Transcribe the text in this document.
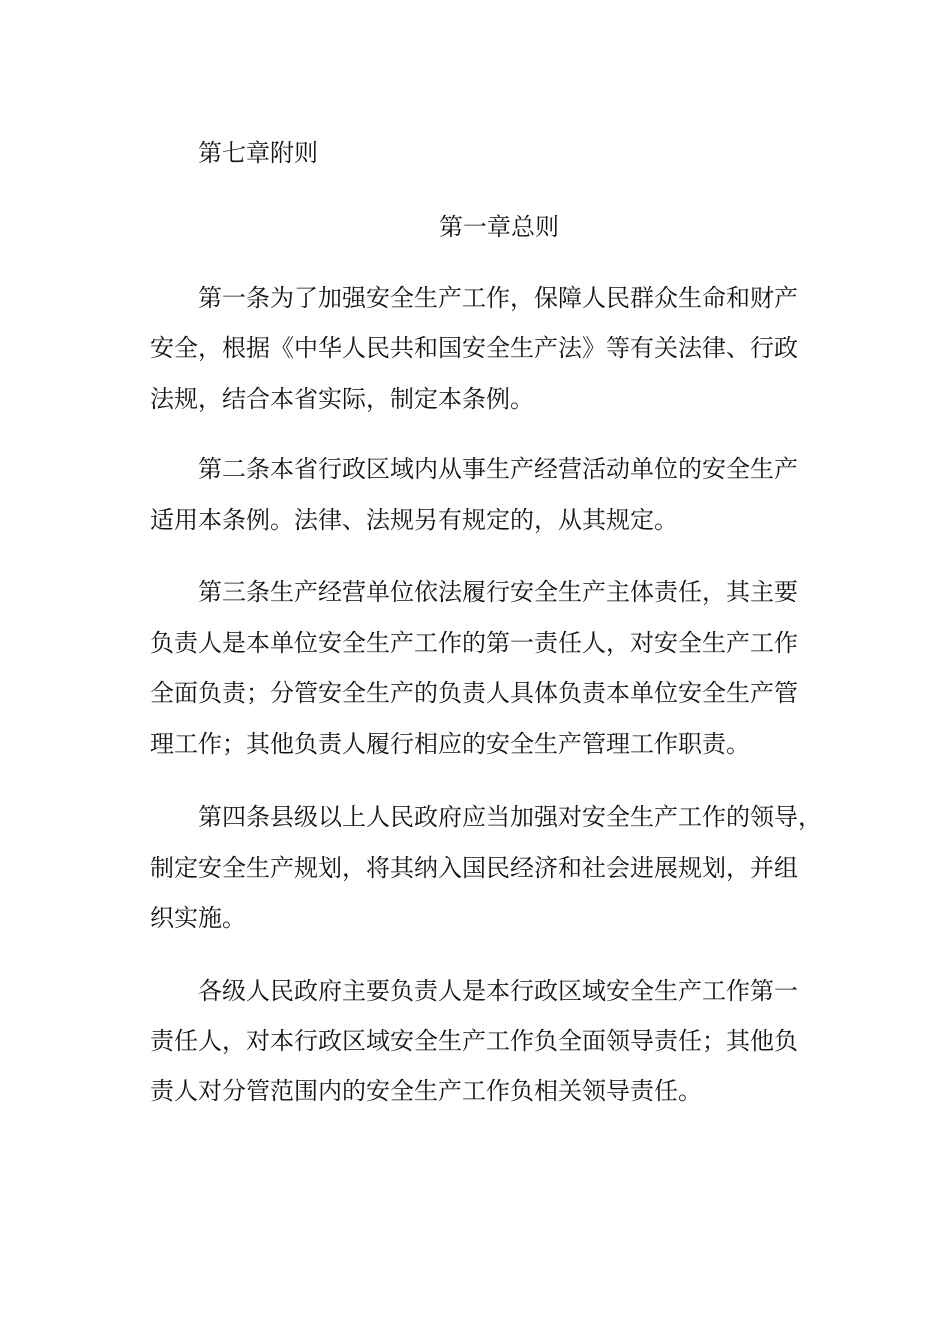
第七章附则
第一章总则
第一条为了加强安全生产工作，保障人民群众生命和财产
安全，根据《中华人民共和国安全生产法》等有关法律、行政
法规，结合本省实际，制定本条例。
第二条本省行政区域内从事生产经营活动单位的安全生产
适用本条例。法律、法规另有规定的，从其规定。
第三条生产经营单位依法履行安全生产主体责任，其主要
负责人是本单位安全生产工作的第一责任人，对安全生产工作
全面负责；分管安全生产的负责人具体负责本单位安全生产管
理工作；其他负责人履行相应的安全生产管理工作职责。
第四条县级以上人民政府应当加强对安全生产工作的领导，
制定安全生产规划，将其纳入国民经济和社会进展规划，并组
织实施。
各级人民政府主要负责人是本行政区域安全生产工作第一
责任人，对本行政区域安全生产工作负全面领导责任；其他负
责人对分管范围内的安全生产工作负相关领导责任。
